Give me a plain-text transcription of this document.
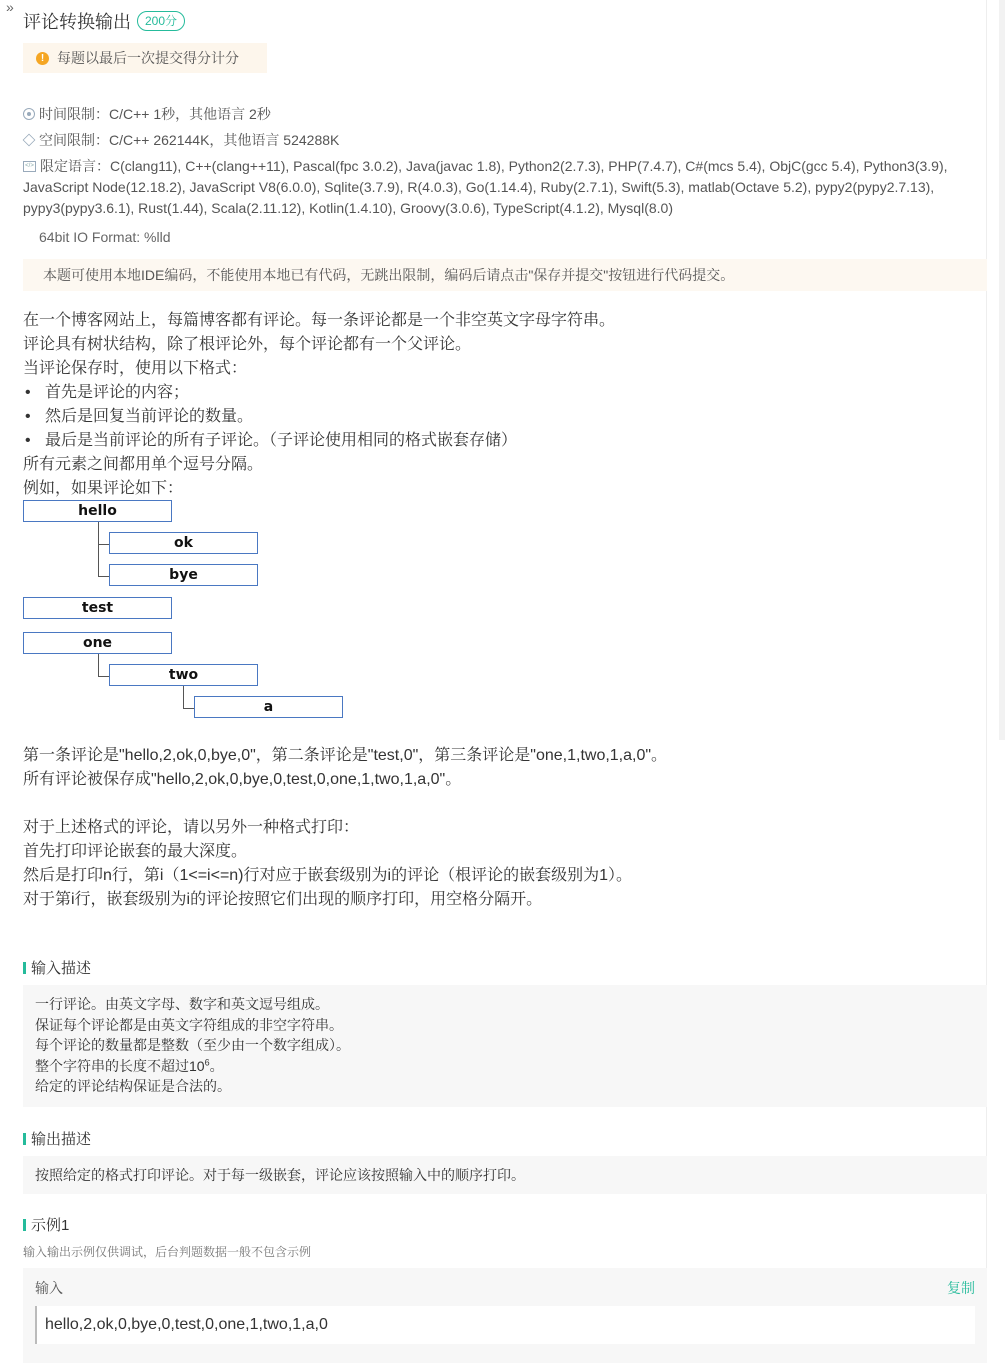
»
评论转换输出	200分
! 每题以最后一次提交得分计分
时间限制：C/C++ 1秒，其他语言 2秒
空间限制：C/C++ 262144K，其他语言 524288K
</> 限定语言：C(clang11), C++(clang++11), Pascal(fpc 3.0.2), Java(javac 1.8), Python2(2.7.3), PHP(7.4.7), C#(mcs 5.4), ObjC(gcc 5.4), Python3(3.9),
JavaScript Node(12.18.2), JavaScript V8(6.0.0), Sqlite(3.7.9), R(4.0.3), Go(1.14.4), Ruby(2.7.1), Swift(5.3), matlab(Octave 5.2), pypy2(pypy2.7.13),
pypy3(pypy3.6.1), Rust(1.44), Scala(2.11.12), Kotlin(1.4.10), Groovy(3.0.6), TypeScript(4.1.2), Mysql(8.0)
64bit IO Format: %lld
本题可使用本地IDE编码，不能使用本地已有代码，无跳出限制，编码后请点击"保存并提交"按钮进行代码提交。

在一个博客网站上，每篇博客都有评论。每一条评论都是一个非空英文字母字符串。

评论具有树状结构，除了根评论外，每个评论都有一个父评论。

当评论保存时，使用以下格式：

• 首先是评论的内容；
• 然后是回复当前评论的数量。
• 最后是当前评论的所有子评论。（子评论使用相同的格式嵌套存储）

所有元素之间都用单个逗号分隔。

例如，如果评论如下：

hello
ok
bye
test
one
two
a

第一条评论是"hello,2,ok,0,bye,0"，第二条评论是"test,0"，第三条评论是"one,1,two,1,a,0"。

所有评论被保存成"hello,2,ok,0,bye,0,test,0,one,1,two,1,a,0"。

对于上述格式的评论，请以另外一种格式打印：

首先打印评论嵌套的最大深度。

然后是打印n行，第i（1<=i<=n)行对应于嵌套级别为i的评论（根评论的嵌套级别为1）。

对于第i行，嵌套级别为i的评论按照它们出现的顺序打印，用空格分隔开。

输入描述

一行评论。由英文字母、数字和英文逗号组成。

保证每个评论都是由英文字符组成的非空字符串。

每个评论的数量都是整数（至少由一个数字组成）。

整个字符串的长度不超过$10^6$。

给定的评论结构保证是合法的。

输出描述

按照给定的格式打印评论。对于每一级嵌套，评论应该按照输入中的顺序打印。

示例1
输入输出示例仅供调试，后台判题数据一般不包含示例
输入	复制
hello,2,ok,0,bye,0,test,0,one,1,two,1,a,0
